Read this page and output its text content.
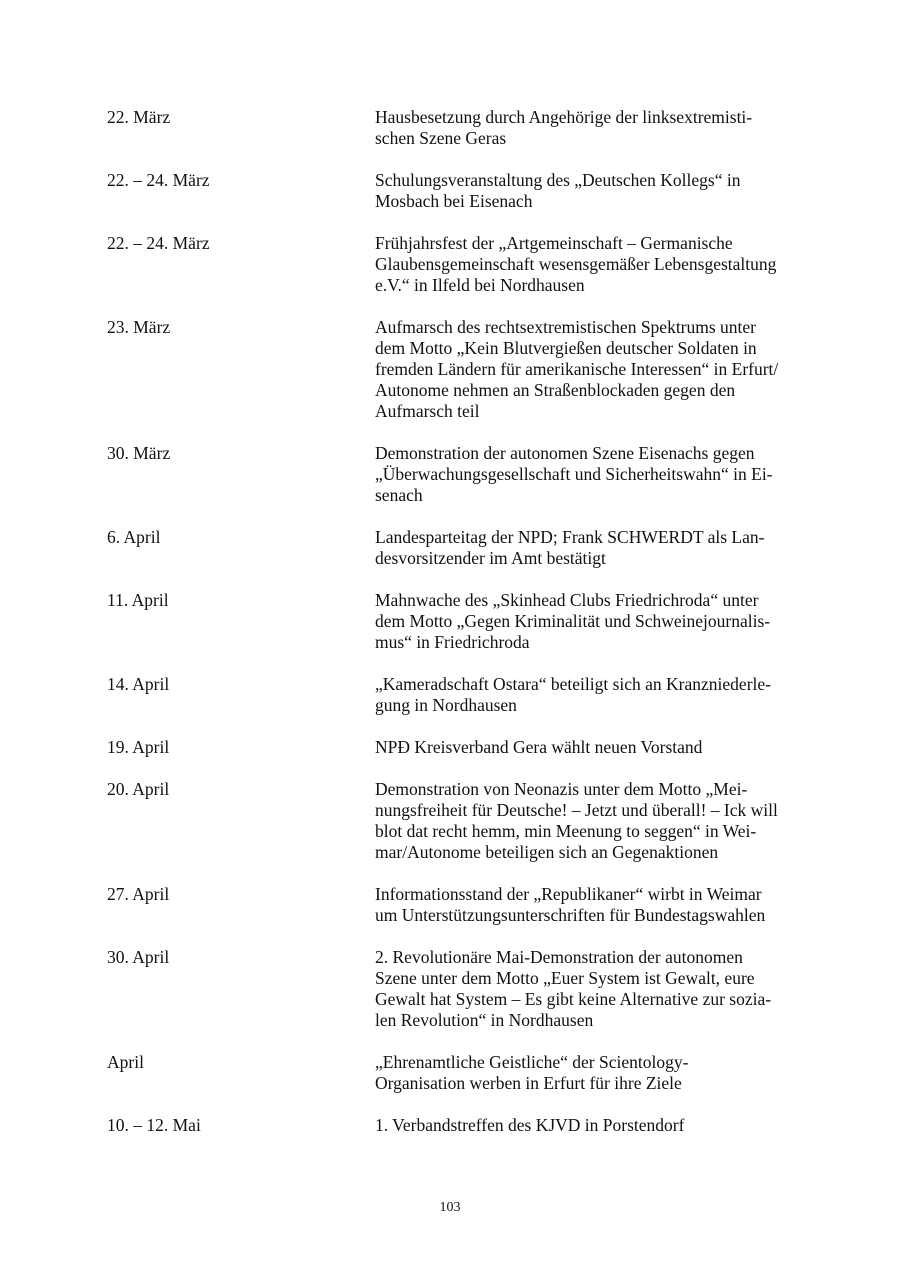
22. März	Hausbesetzung durch Angehörige der linksextremisti-
schen Szene Geras
22. – 24. März	Schulungsveranstaltung des „Deutschen Kollegs“ in
Mosbach bei Eisenach
22. – 24. März	Frühjahrsfest der „Artgemeinschaft – Germanische
Glaubensgemeinschaft wesensgemäßer Lebensgestaltung
e.V.“ in Ilfeld bei Nordhausen
23. März	Aufmarsch des rechtsextremistischen Spektrums unter
dem Motto „Kein Blutvergießen deutscher Soldaten in
fremden Ländern für amerikanische Interessen“ in Erfurt/
Autonome nehmen an Straßenblockaden gegen den
Aufmarsch teil
30. März	Demonstration der autonomen Szene Eisenachs gegen
„Überwachungsgesellschaft und Sicherheitswahn“ in Ei-
senach
6. April	Landesparteitag der NPD; Frank SCHWERDT als Lan-
desvorsitzender im Amt bestätigt
11. April	Mahnwache des „Skinhead Clubs Friedrichroda“ unter
dem Motto „Gegen Kriminalität und Schweinejournalis-
mus“ in Friedrichroda
14. April	„Kameradschaft Ostara“ beteiligt sich an Kranzniederle-
gung in Nordhausen
19. April	NPĐ Kreisverband Gera wählt neuen Vorstand
20. April	Demonstration von Neonazis unter dem Motto „Mei-
nungsfreiheit für Deutsche! – Jetzt und überall! – Ick will
blot dat recht hemm, min Meenung to seggen“ in Wei-
mar/Autonome beteiligen sich an Gegenaktionen
27. April	Informationsstand der „Republikaner“ wirbt in Weimar
um Unterstützungsunterschriften für Bundestagswahlen
30. April	2. Revolutionäre Mai-Demonstration der autonomen
Szene unter dem Motto „Euer System ist Gewalt, eure
Gewalt hat System – Es gibt keine Alternative zur sozia-
len Revolution“ in Nordhausen
April	„Ehrenamtliche Geistliche“ der Scientology-
Organisation werben in Erfurt für ihre Ziele
10. – 12. Mai	1. Verbandstreffen des KJVD in Porstendorf
103
